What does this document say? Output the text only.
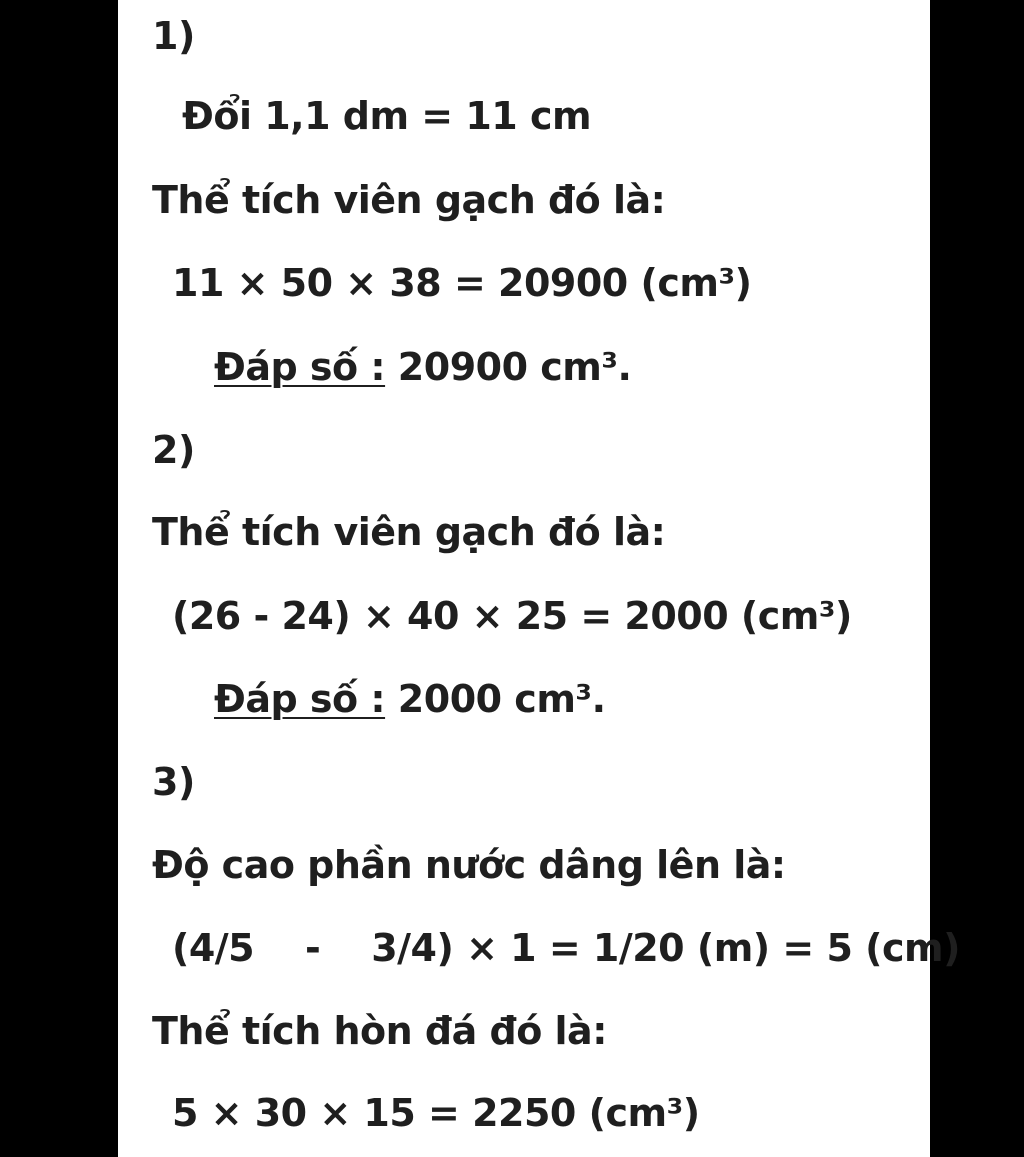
1)
Đổi 1,1 dm = 11 cm
Thể tích viên gạch đó là:
11 × 50 × 38 = 20900 (cm³)
Đáp số : 20900 cm³.
2)
Thể tích viên gạch đó là:
(26 - 24) × 40 × 25 = 2000 (cm³)
Đáp số : 2000 cm³.
3)
Độ cao phần nước dâng lên là:
(4/5    -    3/4) × 1 = 1/20 (m) = 5 (cm)
Thể tích hòn đá đó là:
5 × 30 × 15 = 2250 (cm³)
